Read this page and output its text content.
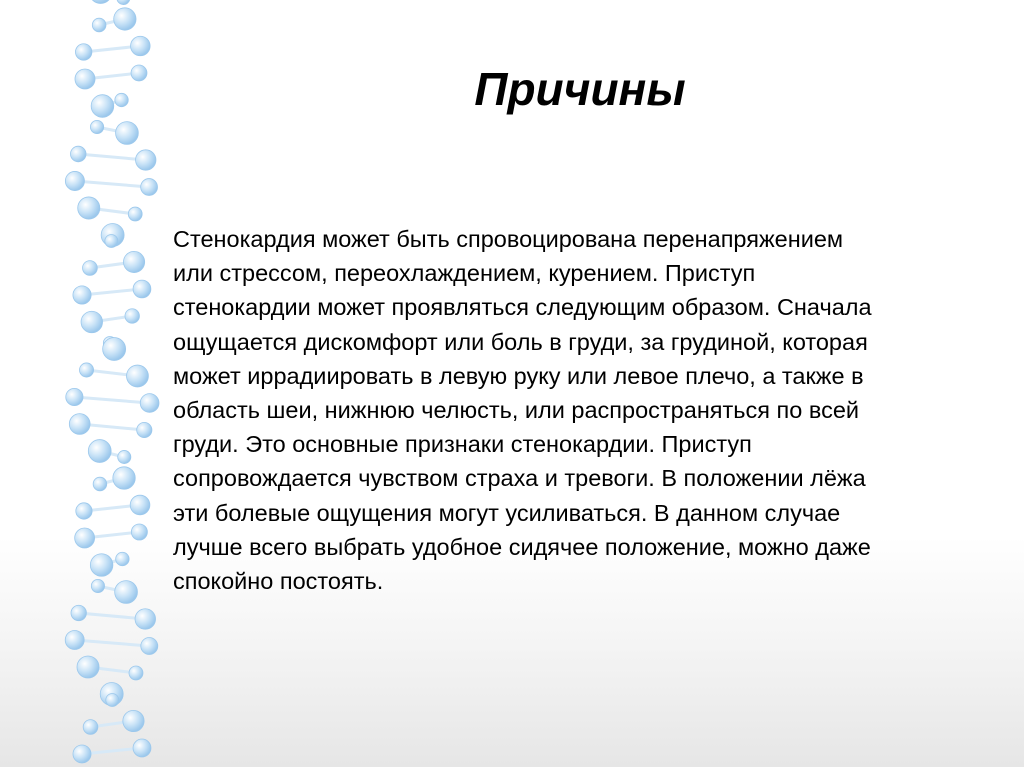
Причины
Стенокардия может быть спровоцирована перенапряжением
или стрессом, переохлаждением, курением. Приступ
стенокардии может проявляться следующим образом. Сначала
ощущается дискомфорт или боль в груди, за грудиной, которая
может иррадиировать в левую руку или левое плечо, а также в
область шеи, нижнюю челюсть, или распространяться по всей
груди. Это основные признаки стенокардии. Приступ
сопровождается чувством страха и тревоги. В положении лёжа
эти болевые ощущения могут усиливаться. В данном случае
лучше всего выбрать удобное сидячее положение, можно даже
спокойно постоять.
